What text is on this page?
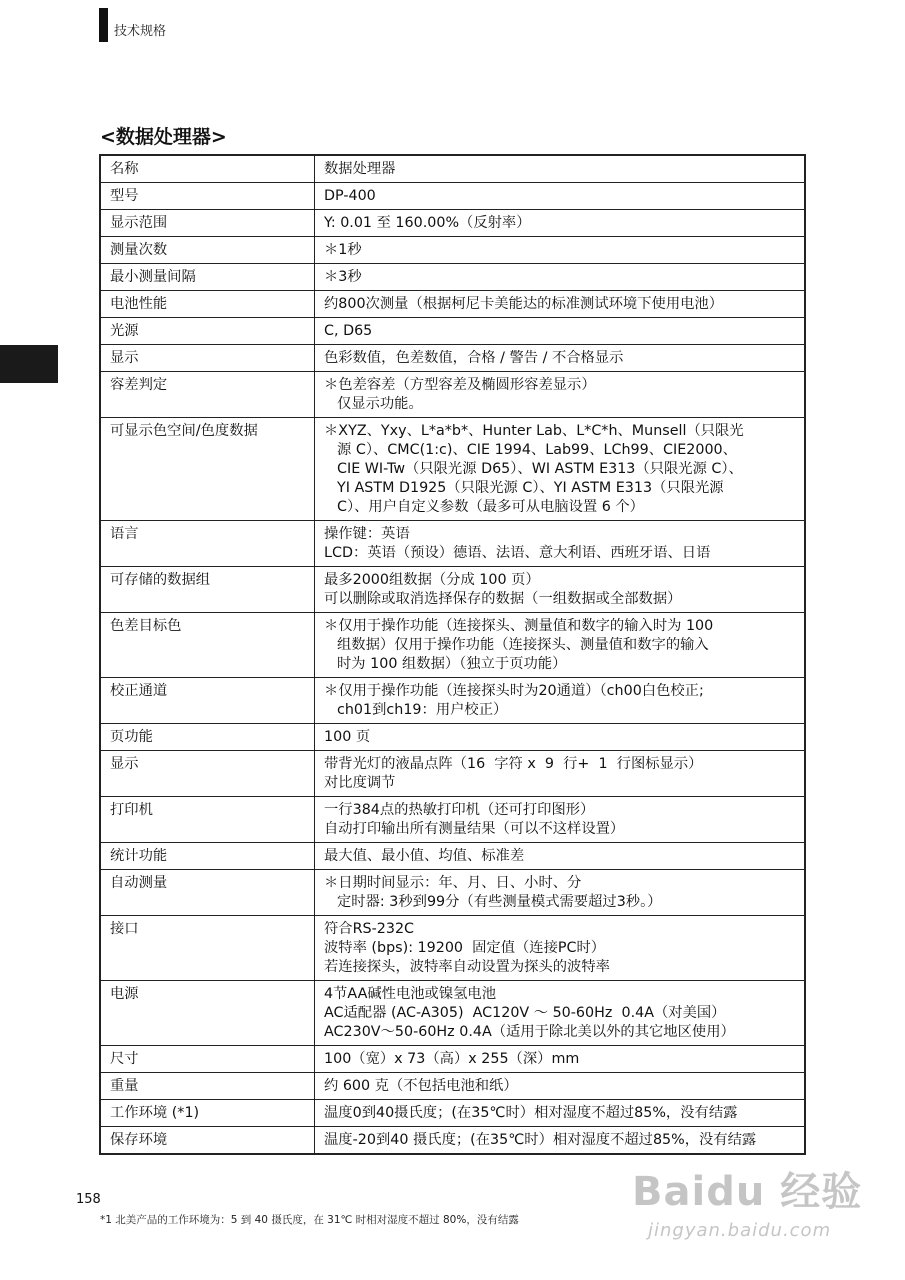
技术规格
<数据处理器>
名称	数据处理器

型号	DP-400

显示范围	Y: 0.01 至 160.00%（反射率）

测量次数	＊1秒

最小测量间隔	＊3秒

电池性能	约800次测量（根据柯尼卡美能达的标准测试环境下使用电池）

光源	C, D65

显示	色彩数值，色差数值，合格 / 警告 / 不合格显示

容差判定	＊色差容差（方型容差及椭圆形容差显示）
仅显示功能。

可显示色空间/色度数据	＊XYZ、Yxy、L*a*b*、Hunter Lab、L*C*h、Munsell（只限光
源 C）、CMC(1:c)、CIE 1994、Lab99、LCh99、CIE2000、
CIE WI-Tw（只限光源 D65）、WI ASTM E313（只限光源 C）、
YI ASTM D1925（只限光源 C）、YI ASTM E313（只限光源
C）、用户自定义参数（最多可从电脑设置 6 个）

语言	操作键：英语
LCD：英语（预设）德语、法语、意大利语、西班牙语、日语

可存储的数据组	最多2000组数据（分成 100 页）
可以删除或取消选择保存的数据（一组数据或全部数据）

色差目标色	＊仅用于操作功能（连接探头、测量值和数字的输入时为 100
组数据）仅用于操作功能（连接探头、测量值和数字的输入
时为 100 组数据）（独立于页功能）

校正通道	＊仅用于操作功能（连接探头时为20通道）（ch00白色校正;
ch01到ch19：用户校正）

页功能	100 页

显示	带背光灯的液晶点阵（16  字符 x  9  行+  1  行图标显示）
对比度调节

打印机	一行384点的热敏打印机（还可打印图形）
自动打印输出所有测量结果（可以不这样设置）

统计功能	最大值、最小值、均值、标准差

自动测量	＊日期时间显示：年、月、日、小时、分
定时器: 3秒到99分（有些测量模式需要超过3秒。）

接口	符合RS-232C
波特率 (bps): 19200  固定值（连接PC时）
若连接探头，波特率自动设置为探头的波特率

电源	4节AA碱性电池或镍氢电池
AC适配器 (AC-A305)  AC120V ～ 50-60Hz  0.4A（对美国）
AC230V～50-60Hz 0.4A（适用于除北美以外的其它地区使用）

尺寸	100（宽）x 73（高）x 255（深）mm

重量	约 600 克（不包括电池和纸）

工作环境 (*1)	温度0到40摄氏度；(在35℃时）相对湿度不超过85%，没有结露

保存环境	温度-20到40 摄氏度；(在35℃时）相对湿度不超过85%，没有结露
158
*1 北美产品的工作环境为：5 到 40 摄氏度，在 31℃ 时相对湿度不超过 80%，没有结露
Baidu 经验
jingyan.baidu.com
